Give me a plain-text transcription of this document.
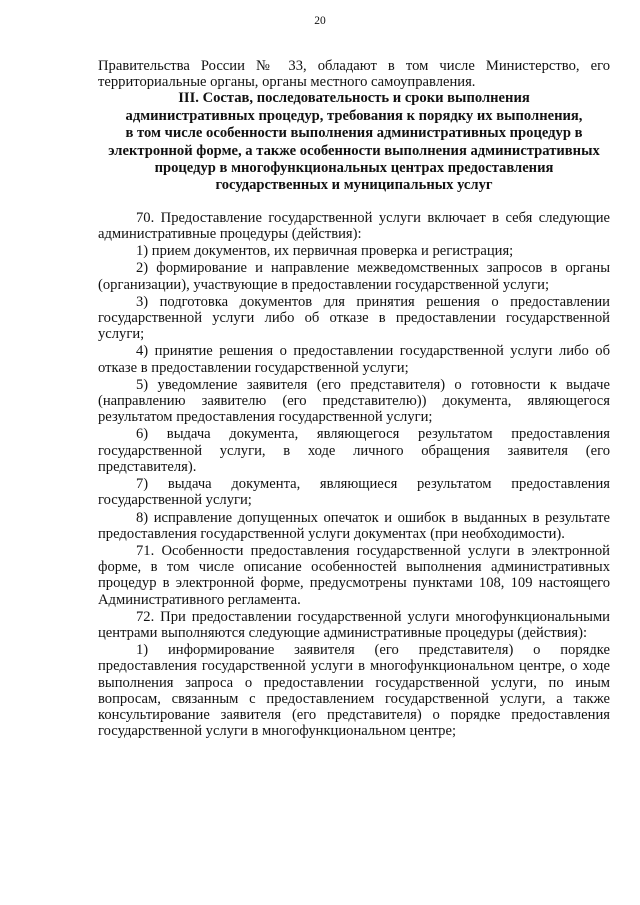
20

Правительства России № 33, обладают в том числе Министерство, его территориальные органы, органы местного самоуправления.

III. Состав, последовательность и сроки выполнения
административных процедур, требования к порядку их выполнения,
в том числе особенности выполнения административных процедур в
электронной форме, а также особенности выполнения административных
процедур в многофункциональных центрах предоставления
государственных и муниципальных услуг

70. Предоставление государственной услуги включает в себя следующие административные процедуры (действия):

1) прием документов, их первичная проверка и регистрация;

2) формирование и направление межведомственных запросов в органы (организации), участвующие в предоставлении государственной услуги;

3) подготовка документов для принятия решения о предоставлении государственной услуги либо об отказе в предоставлении государственной услуги;

4) принятие решения о предоставлении государственной услуги либо об отказе в предоставлении государственной услуги;

5) уведомление заявителя (его представителя) о готовности к выдаче (направлению заявителю (его представителю)) документа, являющегося результатом предоставления государственной услуги;

6) выдача документа, являющегося результатом предоставления государственной услуги, в ходе личного обращения заявителя (его представителя).

7) выдача документа, являющиеся результатом предоставления государственной услуги;

8) исправление допущенных опечаток и ошибок в выданных в результате предоставления государственной услуги документах (при необходимости).

71. Особенности предоставления государственной услуги в электронной форме, в том числе описание особенностей выполнения административных процедур в электронной форме, предусмотрены пунктами 108, 109 настоящего Административного регламента.

72. При предоставлении государственной услуги многофункциональными центрами выполняются следующие административные процедуры (действия):

1) информирование заявителя (его представителя) о порядке предоставления государственной услуги в многофункциональном центре, о ходе выполнения запроса о предоставлении государственной услуги, по иным вопросам, связанным с предоставлением государственной услуги, а также консультирование заявителя (его представителя) о порядке предоставления государственной услуги в многофункциональном центре;
